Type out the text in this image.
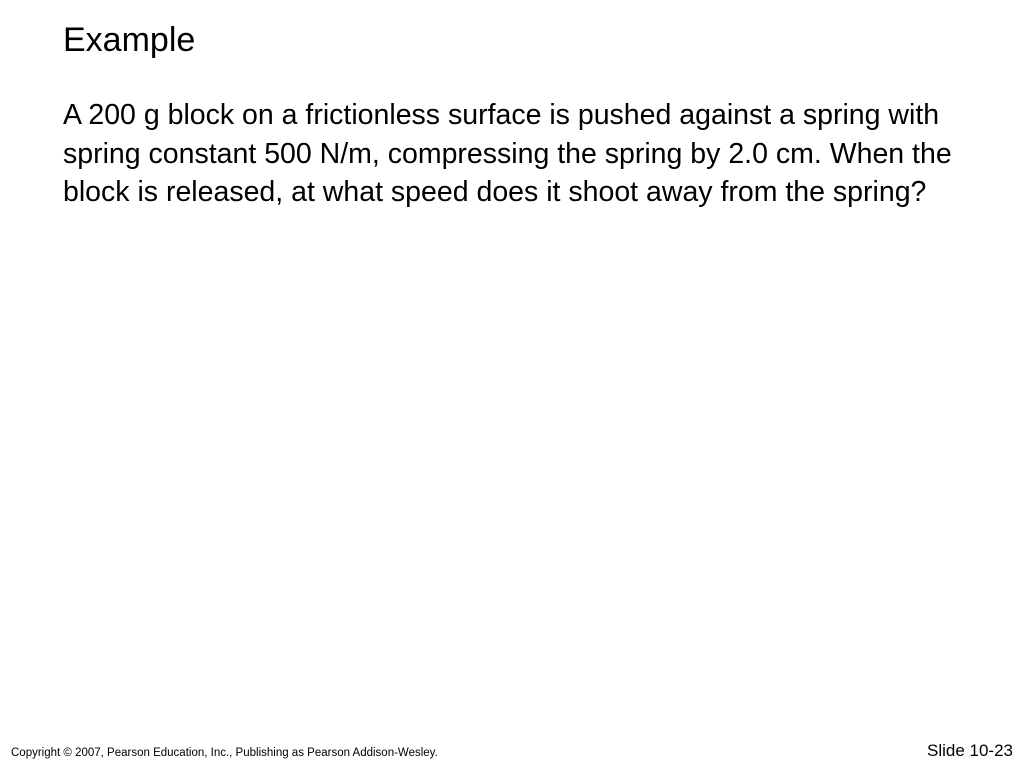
Example

A 200 g block on a frictionless surface is pushed against a spring with spring constant 500 N/m, compressing the spring by 2.0 cm. When the block is released, at what speed does it shoot away from the spring?

Copyright © 2007, Pearson Education, Inc., Publishing as Pearson Addison-Wesley.	Slide 10-23
